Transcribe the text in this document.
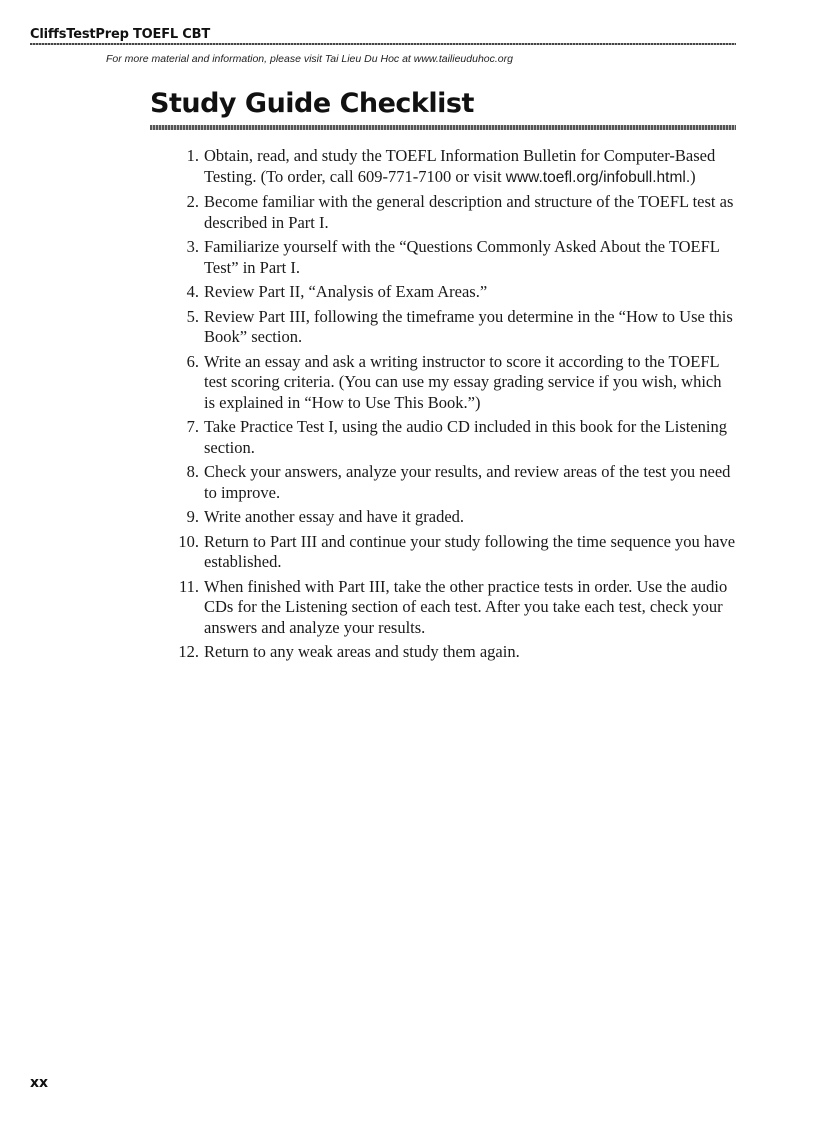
CliffsTestPrep TOEFL CBT
For more material and information, please visit Tai Lieu Du Hoc at www.tailieuduhoc.org
Study Guide Checklist
1. Obtain, read, and study the TOEFL Information Bulletin for Computer-Based Testing. (To order, call 609-771-7100 or visit www.toefl.org/infobull.html.)
2. Become familiar with the general description and structure of the TOEFL test as described in Part I.
3. Familiarize yourself with the “Questions Commonly Asked About the TOEFL Test” in Part I.
4. Review Part II, “Analysis of Exam Areas.”
5. Review Part III, following the timeframe you determine in the “How to Use this Book” section.
6. Write an essay and ask a writing instructor to score it according to the TOEFL test scoring criteria. (You can use my essay grading service if you wish, which is explained in “How to Use This Book.”)
7. Take Practice Test I, using the audio CD included in this book for the Listening section.
8. Check your answers, analyze your results, and review areas of the test you need to improve.
9. Write another essay and have it graded.
10. Return to Part III and continue your study following the time sequence you have established.
11. When finished with Part III, take the other practice tests in order. Use the audio CDs for the Listening section of each test. After you take each test, check your answers and analyze your results.
12. Return to any weak areas and study them again.
xx
